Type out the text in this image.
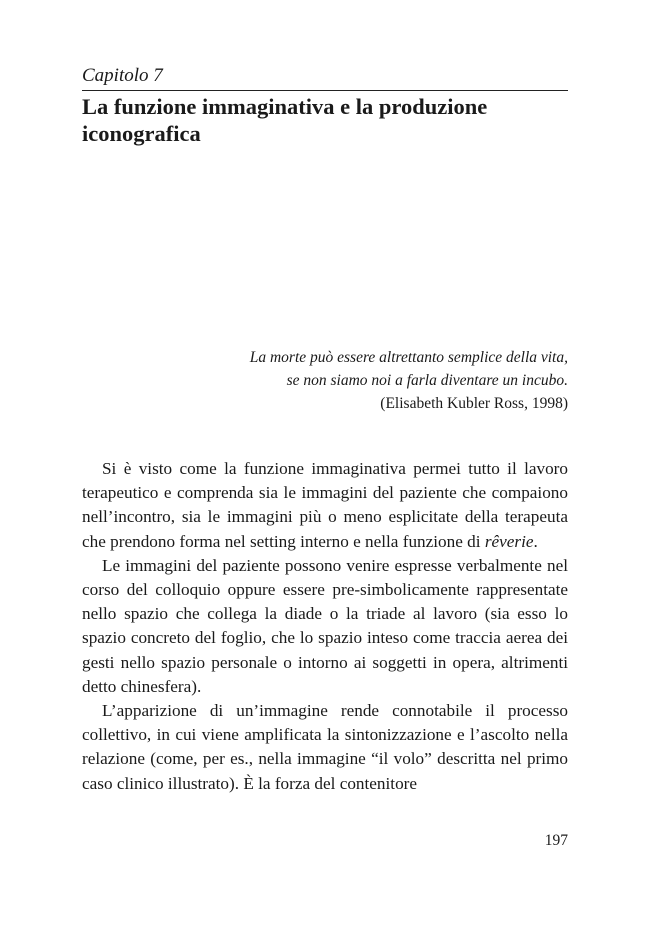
Capitolo 7
La funzione immaginativa e la produzione iconografica
La morte può essere altrettanto semplice della vita,
se non siamo noi a farla diventare un incubo.
(Elisabeth Kubler Ross, 1998)

Si è visto come la funzione immaginativa permei tutto il lavoro terapeutico e comprenda sia le immagini del paziente che compaiono nell’incontro, sia le immagini più o meno esplicitate della terapeuta che prendono forma nel setting interno e nella funzione di rêverie.

Le immagini del paziente possono venire espresse verbalmente nel corso del colloquio oppure essere pre-simbolicamente rappresentate nello spazio che collega la diade o la triade al lavoro (sia esso lo spazio concreto del foglio, che lo spazio inteso come traccia aerea dei gesti nello spazio personale o intorno ai soggetti in opera, altrimenti detto chinesfera).

L’apparizione di un’immagine rende connotabile il processo collettivo, in cui viene amplificata la sintonizzazione e l’ascolto nella relazione (come, per es., nella immagine “il volo” descritta nel primo caso clinico illustrato). È la forza del contenitore

197
